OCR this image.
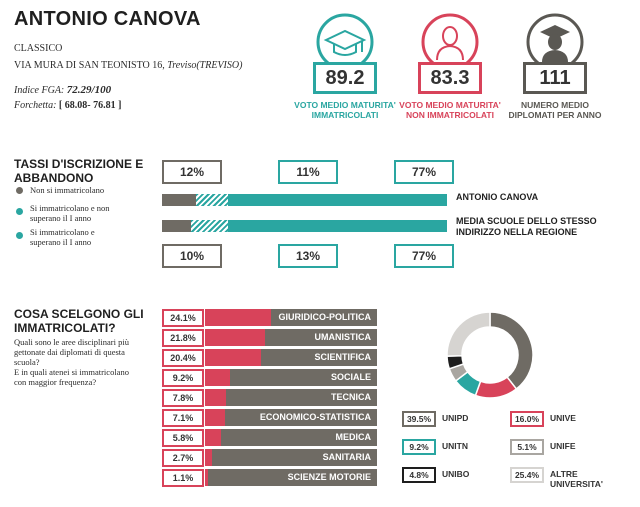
ANTONIO CANOVA
CLASSICO
VIA MURA DI SAN TEONISTO 16, Treviso(TREVISO)
Indice FGA: 72.29/100
Forchetta: [ 68.08- 76.81 ]
89.2
VOTO MEDIO MATURITA'
IMMATRICOLATI
83.3
VOTO MEDIO MATURITA'
NON IMMATRICOLATI
111
NUMERO MEDIO
DIPLOMATI PER ANNO
TASSI D'ISCRIZIONE E
ABBANDONO
Non si immatricolano
Si immatricolano e non
superano il I anno
Si immatricolano e
superano il I anno
12%	11%	77%
ANTONIO CANOVA
MEDIA SCUOLE DELLO STESSO
INDIRIZZO NELLA REGIONE
10%	13%	77%
COSA SCELGONO GLI
IMMATRICOLATI?
Quali sono le aree disciplinari più
gettonate dai diplomati di questa
scuola?
E in quali atenei si immatricolano
con maggior frequenza?
24.1%	GIURIDICO-POLITICA
21.8%	UMANISTICA
20.4%	SCIENTIFICA
9.2%	SOCIALE
7.8%	TECNICA
7.1%	ECONOMICO-STATISTICA
5.8%	MEDICA
2.7%	SANITARIA
1.1%	SCIENZE MOTORIE
39.5%	UNIPD	16.0%	UNIVE
9.2%	UNITN	5.1%	UNIFE
4.8%	UNIBO	25.4%	ALTRE
UNIVERSITA'
